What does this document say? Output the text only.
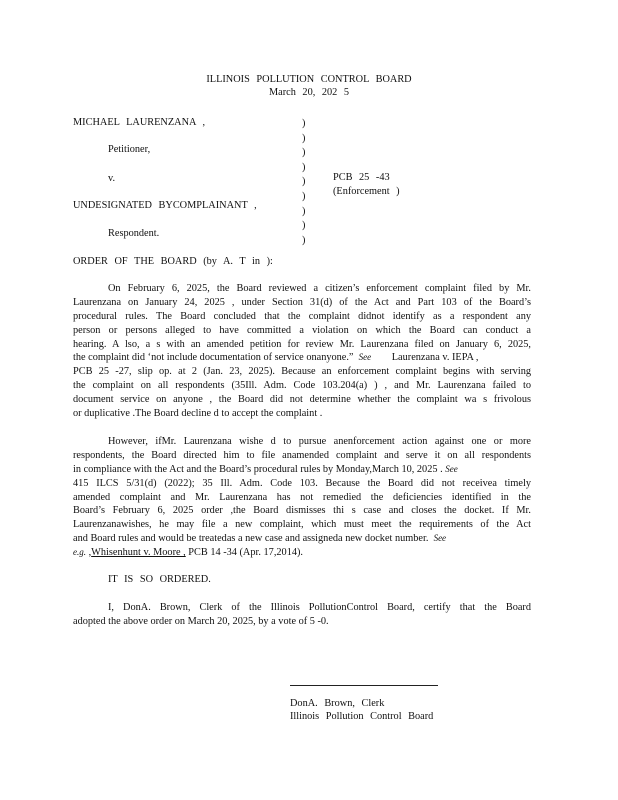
ILLINOIS POLLUTION CONTROL BOARD
March 20, 202 5
MICHAEL LAURENZANA ,
Petitioner,
v.
UNDESIGNATED BYCOMPLAINANT ,
Respondent.
)
)
)
)
)
)
)
)
)
PCB 25 -43
(Enforcement )
ORDER OF THE BOARD (by A. T in ):
On February 6, 2025, the Board reviewed a citizen’s enforcement complaint filed by Mr.
Laurenzana on January 24, 2025 , under Section 31(d) of the Act and Part 103 of the Board’s
procedural rules. The Board concluded that the complaint didnot identify as a respondent any
person or persons alleged to have committed a violation on which the Board can conduct a
hearing. A lso, a s with an amended petition for review Mr. Laurenzana filed on January 6, 2025,
the complaint did ‘not include documentation of service onanyone.” See Laurenzana v. IEPA ,
PCB 25 -27, slip op. at 2 (Jan. 23, 2025). Because an enforcement complaint begins with serving
the complaint on all respondents (35Ill. Adm. Code 103.204(a) ) , and Mr. Laurenzana failed to
document service on anyone , the Board did not determine whether the complaint wa s frivolous
or duplicative .The Board decline d to accept the complaint .
However, ifMr. Laurenzana wishe d to pursue anenforcement action against one or more
respondents, the Board directed him to file anamended complaint and serve it on all respondents
in compliance with the Act and the Board’s procedural rules by Monday,March 10, 2025 . See
415 ILCS 5/31(d) (2022); 35 Ill. Adm. Code 103. Because the Board did not receivea timely
amended complaint and Mr. Laurenzana has not remedied the deficiencies identified in the
Board’s February 6, 2025 order ,the Board dismisses thi s case and closes the docket. If Mr.
Laurenzanawishes, he may file a new complaint, which must meet the requirements of the Act
and Board rules and would be treatedas a new case and assigneda new docket number. See
e.g. ,Whisenhunt v. Moore , PCB 14 -34 (Apr. 17,2014).
IT IS SO ORDERED.
I, DonA. Brown, Clerk of the Illinois PollutionControl Board, certify that the Board
adopted the above order on March 20, 2025, by a vote of 5 -0.
DonA. Brown, Clerk
Illinois Pollution Control Board
